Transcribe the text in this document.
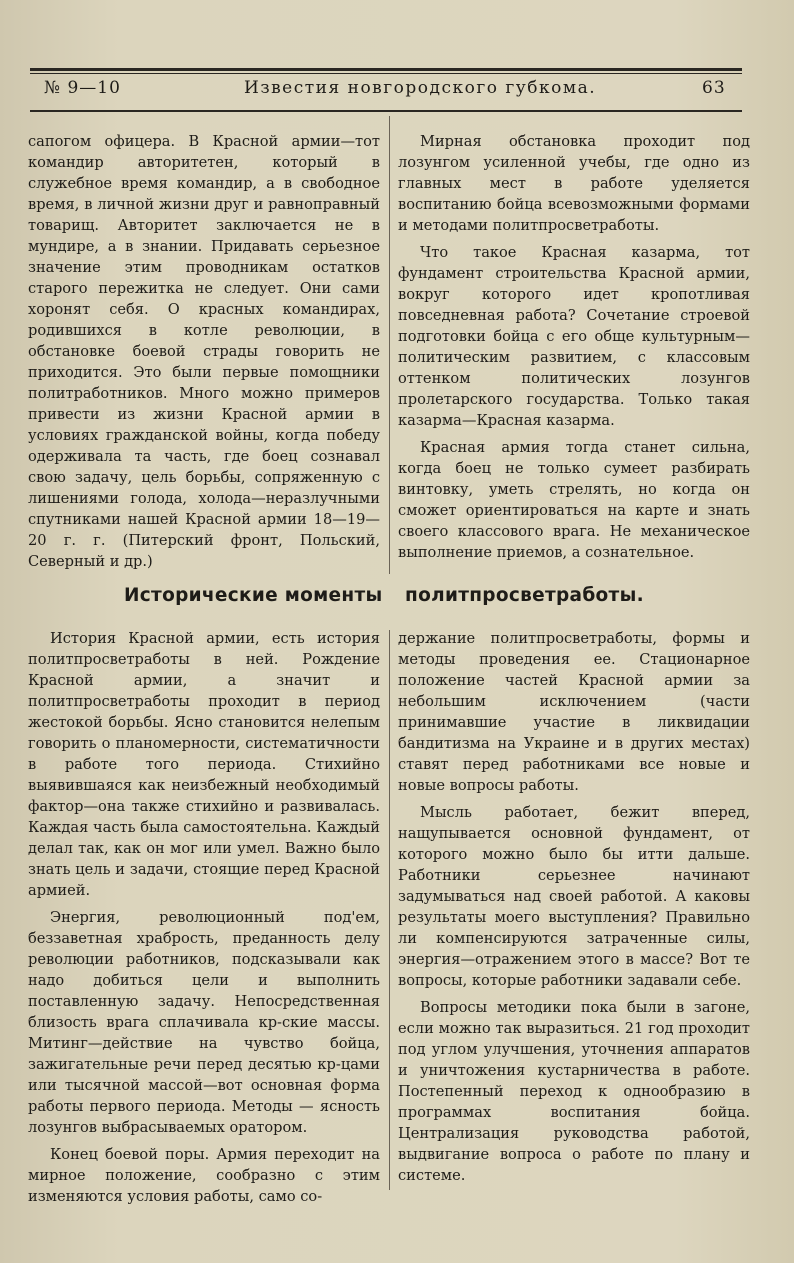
№ 9—10	Известия новгородского губкома.	63

сапогом офицера. В Красной армии—тот командир авторитетен, который в служебное время командир, а в свободное время, в личной жизни друг и равноправный товарищ. Авторитет заключается не в мундире, а в знании. Придавать серьезное значение этим проводникам остатков старого пережитка не следует. Они сами хоронят себя. О красных командирах, родившихся в котле революции, в обстановке боевой страды говорить не приходится. Это были первые помощники политработников. Много можно примеров привести из жизни Красной армии в условиях гражданской войны, когда победу одерживала та часть, где боец сознавал свою задачу, цель борьбы, сопряженную с лишениями голода, холода—неразлучными спутниками нашей Красной армии 18—19—20 г. г. (Питерский фронт, Польский, Северный и др.)

Мирная обстановка проходит под лозунгом усиленной учебы, где одно из главных мест в работе уделяется воспитанию бойца всевозможными формами и методами политпросветработы.

Что такое Красная казарма, тот фундамент строительства Красной армии, вокруг которого идет кропотливая повседневная работа? Сочетание строевой подготовки бойца с его обще культурным—политическим развитием, с классовым оттенком политических лозунгов пролетарского государства. Только такая казарма—Красная казарма.

Красная армия тогда станет сильна, когда боец не только сумеет разбирать винтовку, уметь стрелять, но когда он сможет ориентироваться на карте и знать своего классового врага. Не механическое выполнение приемов, а сознательное.

Исторические моменты политпросветработы.

История Красной армии, есть история политпросветработы в ней. Рождение Красной армии, а значит и политпросветработы проходит в период жестокой борьбы. Ясно становится нелепым говорить о планомерности, систематичности в работе того периода. Стихийно выявившаяся как неизбежный необходимый фактор—она также стихийно и развивалась. Каждая часть была самостоятельна. Каждый делал так, как он мог или умел. Важно было знать цель и задачи, стоящие перед Красной армией.

Энергия, революционный под'ем, беззаветная храбрость, преданность делу революции работников, подсказывали как надо добиться цели и выполнить поставленную задачу. Непосредственная близость врага сплачивала кр-ские массы. Митинг—действие на чувство бойца, зажигательные речи перед десятью кр-цами или тысячной массой—вот основная форма работы первого периода. Методы — ясность лозунгов выбрасываемых оратором.

Конец боевой поры. Армия переходит на мирное положение, сообразно с этим изменяются условия работы, само со-

держание политпросветработы, формы и методы проведения ее. Стационарное положение частей Красной армии за небольшим исключением (части принимавшие участие в ликвидации бандитизма на Украине и в других местах) ставят перед работниками все новые и новые вопросы работы.

Мысль работает, бежит вперед, нащупывается основной фундамент, от которого можно было бы итти дальше. Работники серьезнее начинают задумываться над своей работой. А каковы результаты моего выступления? Правильно ли компенсируются затраченные силы, энергия—отражением этого в массе? Вот те вопросы, которые работники задавали себе.

Вопросы методики пока были в загоне, если можно так выразиться. 21 год проходит под углом улучшения, уточнения аппаратов и уничтожения кустарничества в работе. Постепенный переход к однообразию в программах воспитания бойца. Централизация руководства работой, выдвигание вопроса о работе по плану и системе.
